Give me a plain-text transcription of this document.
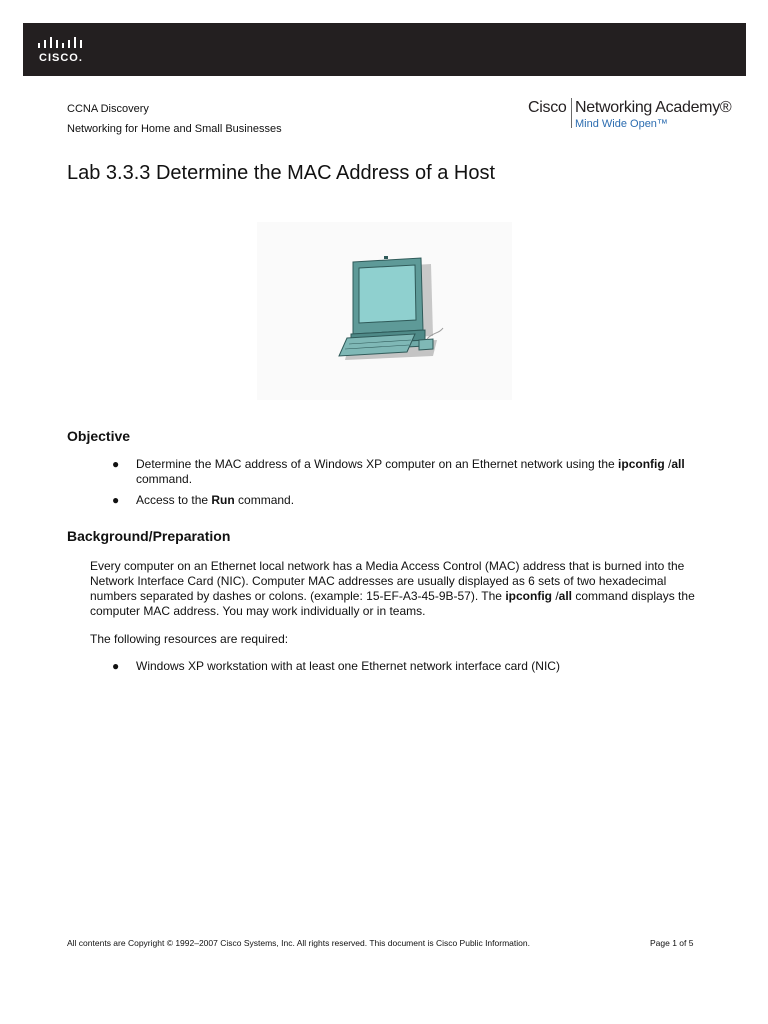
CISCO.
CCNA Discovery
Networking for Home and Small Businesses
Cisco Networking Academy®
Mind Wide Open™
Lab 3.3.3 Determine the MAC Address of a Host
Objective
●	Determine the MAC address of a Windows XP computer on an Ethernet network using the ipconfig /all command.
●	Access to the Run command.
Background/Preparation
Every computer on an Ethernet local network has a Media Access Control (MAC) address that is burned into the Network Interface Card (NIC). Computer MAC addresses are usually displayed as 6 sets of two hexadecimal numbers separated by dashes or colons. (example: 15-EF-A3-45-9B-57). The ipconfig /all command displays the computer MAC address. You may work individually or in teams.
The following resources are required:
●	Windows XP workstation with at least one Ethernet network interface card (NIC)
All contents are Copyright © 1992–2007 Cisco Systems, Inc. All rights reserved. This document is Cisco Public Information.	Page 1 of 5
